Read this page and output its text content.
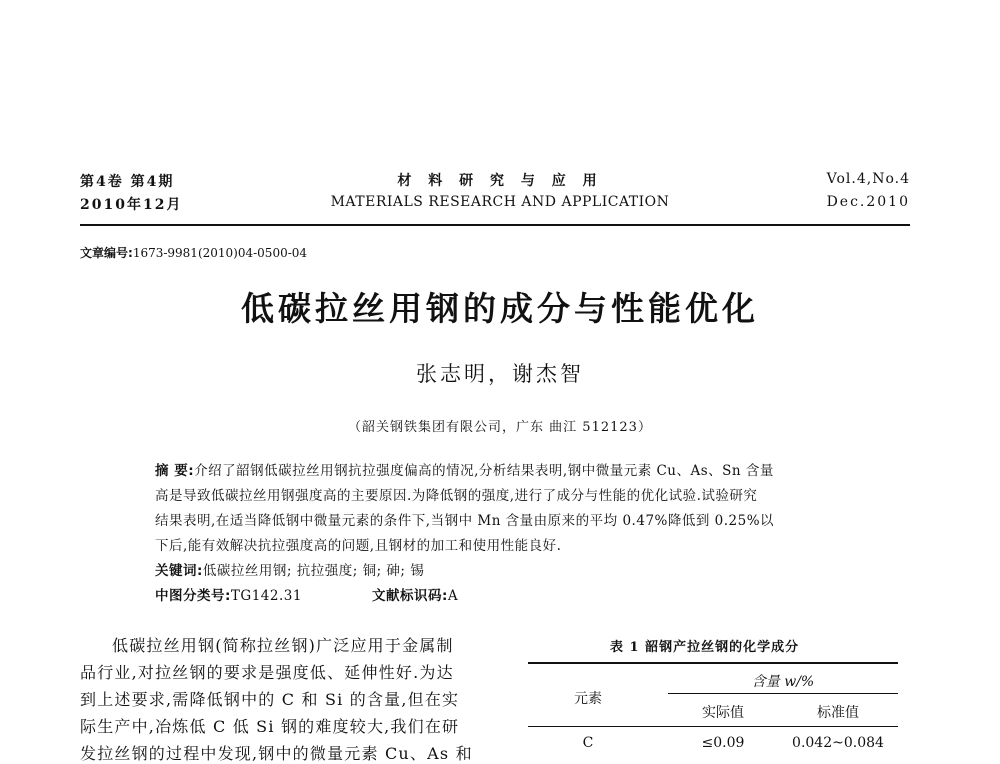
第4卷 第4期
2010年12月
材 料 研 究 与 应 用
MATERIALS RESEARCH AND APPLICATION
Vol.4,No.4
Dec.2010
文章编号:1673-9981(2010)04-0500-04
低碳拉丝用钢的成分与性能优化
张志明，谢杰智
（韶关钢铁集团有限公司，广东 曲江 512123）
摘 要:介绍了韶钢低碳拉丝用钢抗拉强度偏高的情况,分析结果表明,钢中微量元素 Cu、As、Sn 含量
高是导致低碳拉丝用钢强度高的主要原因.为降低钢的强度,进行了成分与性能的优化试验.试验研究
结果表明,在适当降低钢中微量元素的条件下,当钢中 Mn 含量由原来的平均 0.47%降低到 0.25%以
下后,能有效解决抗拉强度高的问题,且钢材的加工和使用性能良好.
关键词:低碳拉丝用钢; 抗拉强度; 铜; 砷; 锡
中图分类号:TG142.31	文献标识码:A
低碳拉丝用钢(简称拉丝钢)广泛应用于金属制
品行业,对拉丝钢的要求是强度低、延伸性好.为达
到上述要求,需降低钢中的 C 和 Si 的含量,但在实
际生产中,冶炼低 C 低 Si 钢的难度较大,我们在研
发拉丝钢的过程中发现,钢中的微量元素 Cu、As 和
表 1 韶钢产拉丝钢的化学成分
元素
含量 w/%
实际值	标准值
C	≤0.09	0.042~0.084
